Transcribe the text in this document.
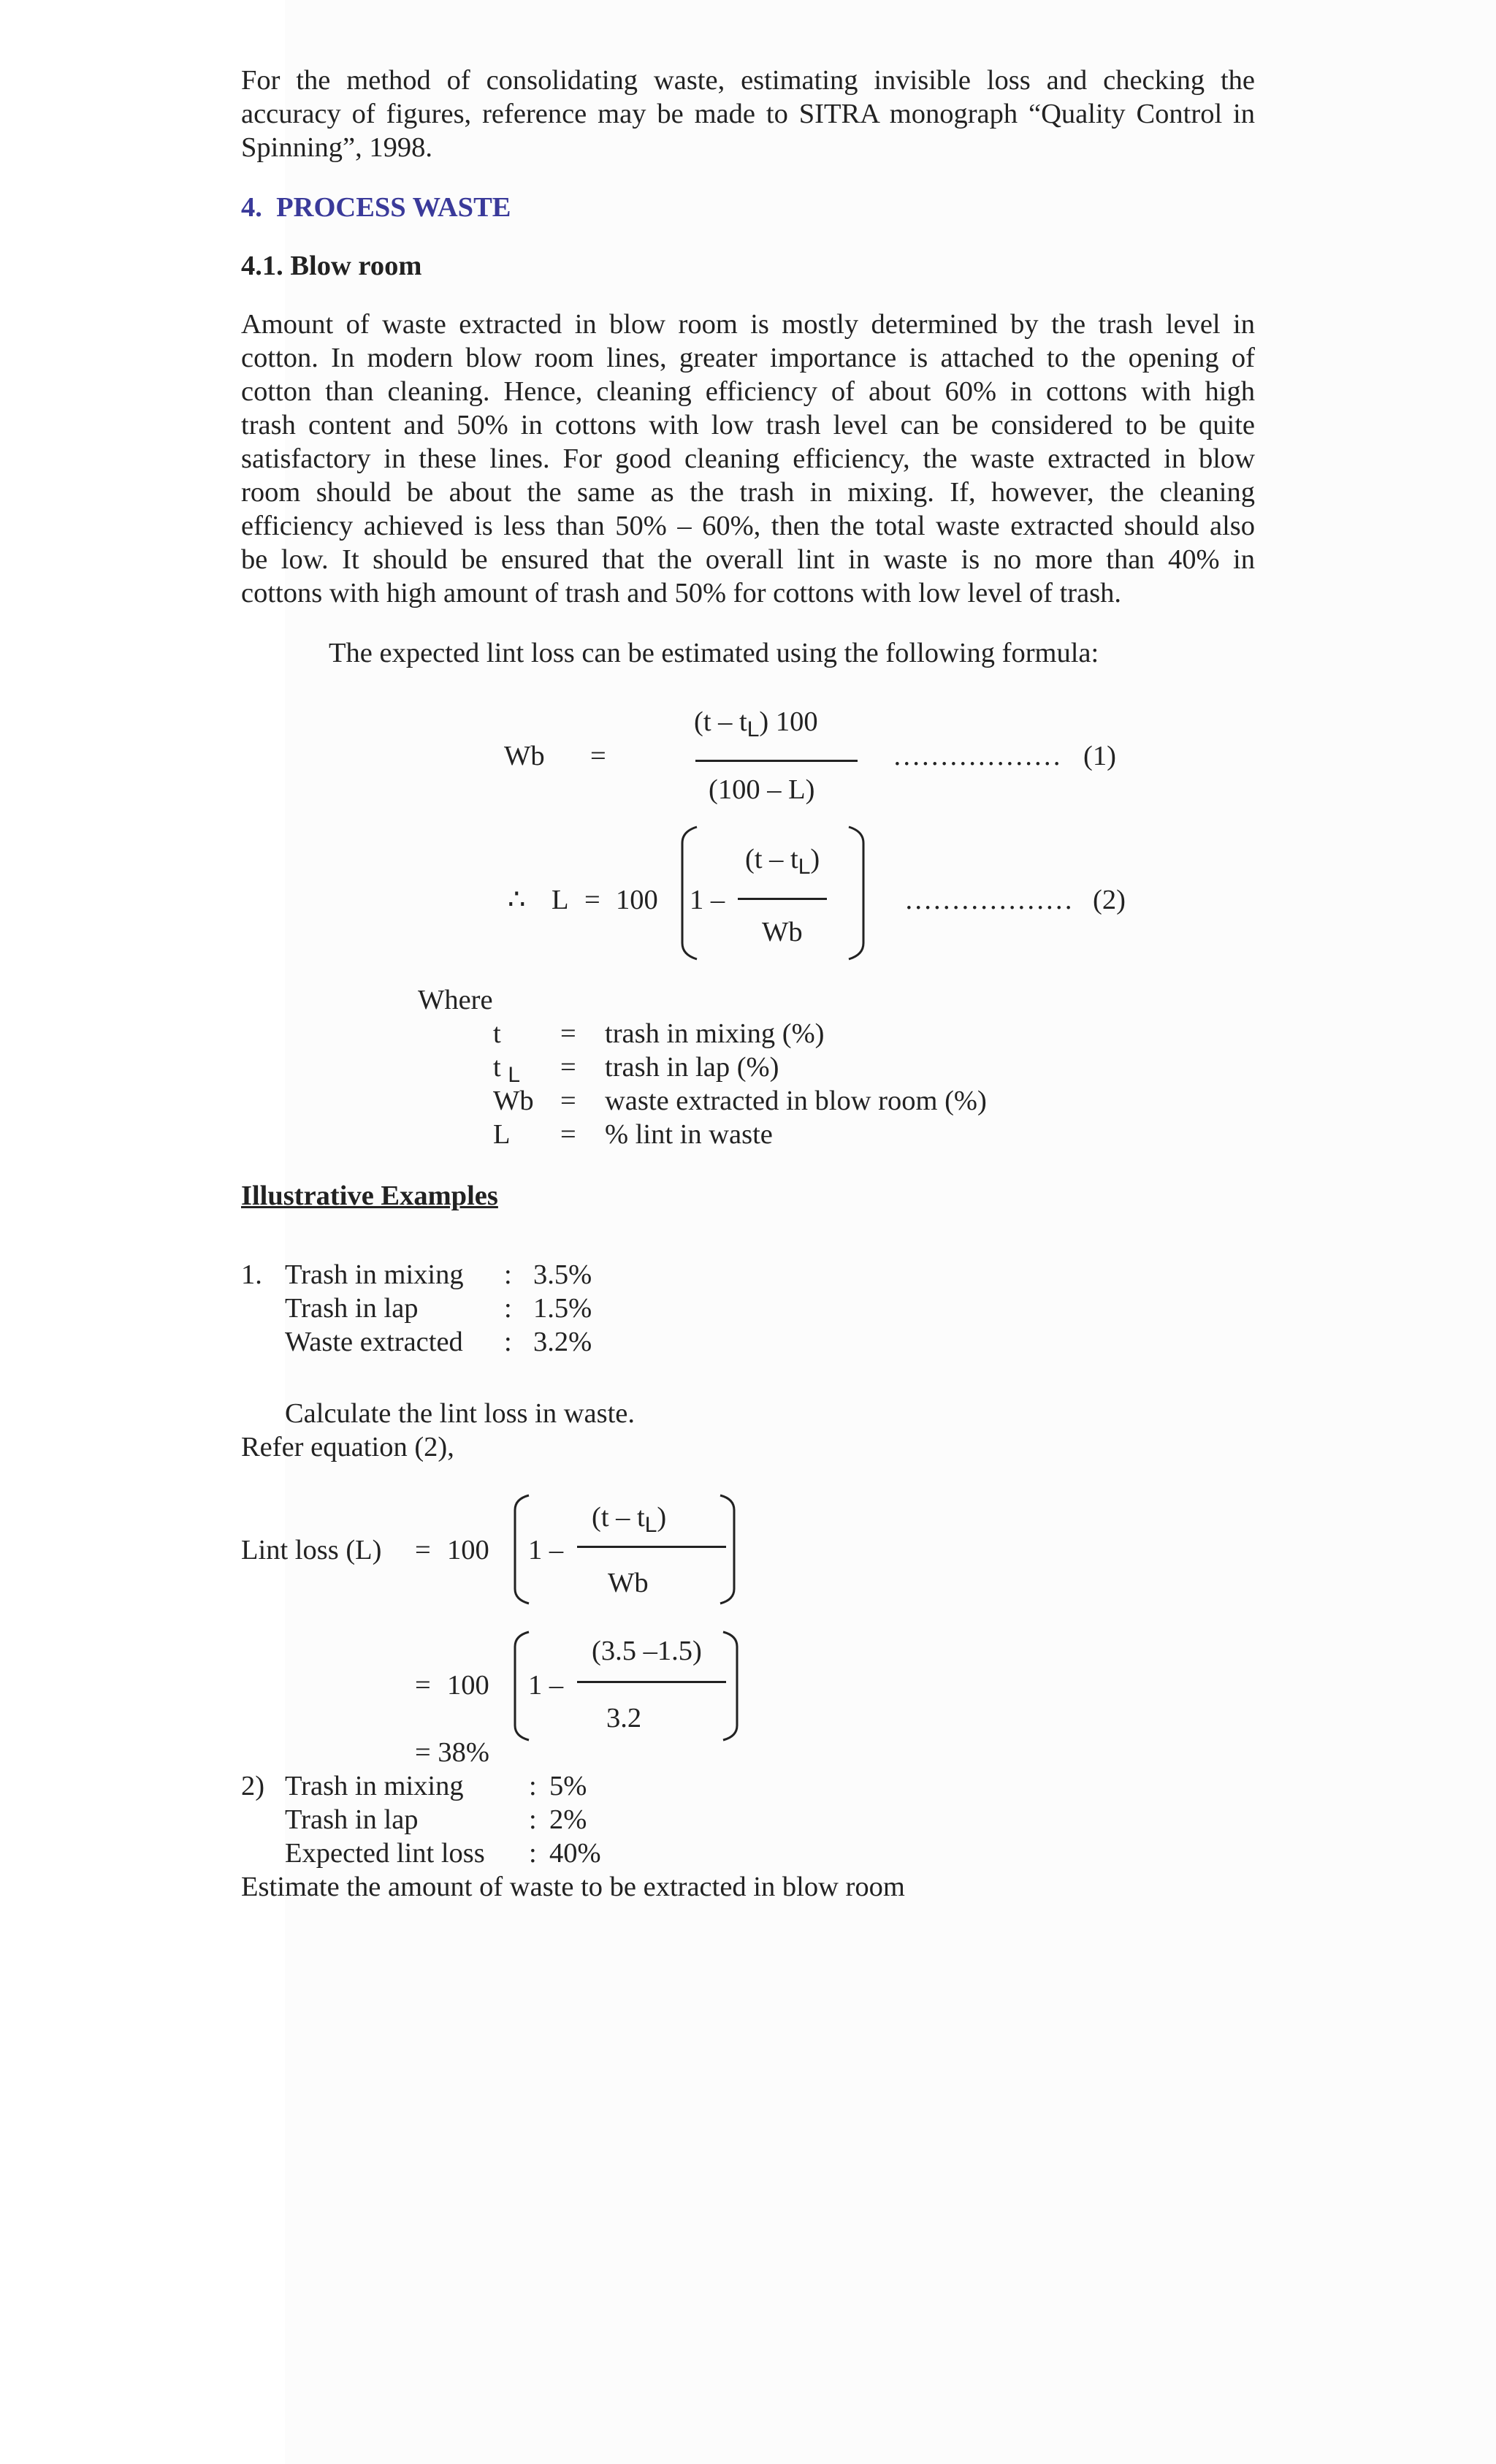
For the method of consolidating waste, estimating invisible loss and checking the
accuracy of figures, reference may be made to SITRA monograph “Quality Control in
Spinning”, 1998.
4. PROCESS WASTE
4.1. Blow room
Amount of waste extracted in blow room is mostly determined by the trash level in
cotton. In modern blow room lines, greater importance is attached to the opening of
cotton than cleaning. Hence, cleaning efficiency of about 60% in cottons with high
trash content and 50% in cottons with low trash level can be considered to be quite
satisfactory in these lines. For good cleaning efficiency, the waste extracted in blow
room should be about the same as the trash in mixing. If, however, the cleaning
efficiency achieved is less than 50% – 60%, then the total waste extracted should also
be low. It should be ensured that the overall lint in waste is no more than 40% in
cottons with high amount of trash and 50% for cottons with low level of trash.
The expected lint loss can be estimated using the following formula:
Wb =
$(t - t_L)$ 100
(100 – L)
……………… (1)
∴ L = 100 1 –
$(t - t_L)$
Wb
……………… (2)
Where
t = trash in mixing (%)
t $_L$ = trash in lap (%)
Wb = waste extracted in blow room (%)
L = % lint in waste
Illustrative Examples
1. Trash in mixing : 3.5%
Trash in lap	: 1.5%
Waste extracted : 3.2%
Calculate the lint loss in waste.
Refer equation (2),
Lint loss (L) = 100 1 –
$(t - t_L)$
Wb
= 100 1 –
(3.5 –1.5)
3.2
= 38%
2) Trash in mixing : 5%
Trash in lap	: 2%
Expected lint loss : 40%
Estimate the amount of waste to be extracted in blow room
